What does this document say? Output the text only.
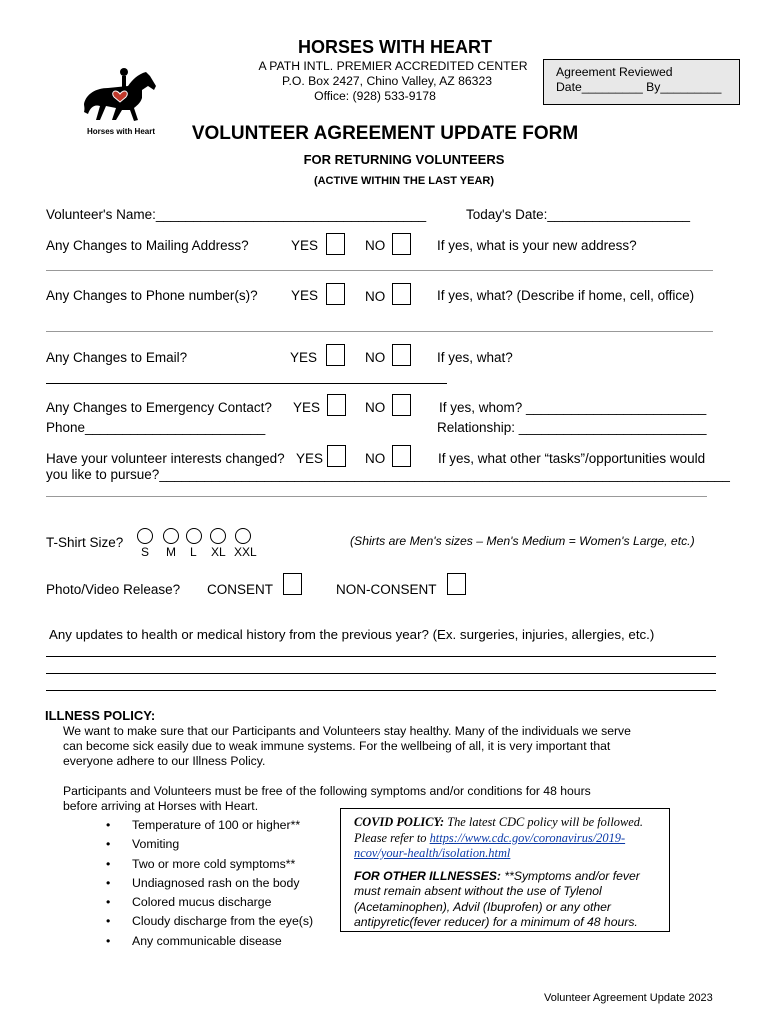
Horses with Heart
HORSES WITH HEART
A PATH INTL. PREMIER ACCREDITED CENTER
P.O. Box 2427, Chino Valley, AZ 86323
Office: (928) 533-9178
Agreement Reviewed
Date_________ By_________
VOLUNTEER AGREEMENT UPDATE FORM
FOR RETURNING VOLUNTEERS
(ACTIVE WITHIN THE LAST YEAR)
Volunteer's Name:____________________________________	Today's Date:___________________
Any Changes to Mailing Address?	YES	NO	If yes, what is your new address?
Any Changes to Phone number(s)? YES	NO	If yes, what? (Describe if home, cell, office)
Any Changes to Email?	YES	NO	If yes, what?
Any Changes to Emergency Contact? YES	NO	If yes, whom? ________________________
Phone________________________	Relationship: _________________________
Have your volunteer interests changed? YES	NO	If yes, what other “tasks”/opportunities would
you like to pursue?____________________________________________________________________________
T-Shirt Size?
S M L XL XXL
(Shirts are Men's sizes – Men's Medium = Women's Large, etc.)
Photo/Video Release? CONSENT	NON-CONSENT
Any updates to health or medical history from the previous year? (Ex. surgeries, injuries, allergies, etc.)
ILLNESS POLICY:
We want to make sure that our Participants and Volunteers stay healthy. Many of the individuals we serve
can become sick easily due to weak immune systems. For the wellbeing of all, it is very important that
everyone adhere to our Illness Policy.
Participants and Volunteers must be free of the following symptoms and/or conditions for 48 hours
before arriving at Horses with Heart.
• Temperature of 100 or higher**
• Vomiting
• Two or more cold symptoms**
• Undiagnosed rash on the body
• Colored mucus discharge
• Cloudy discharge from the eye(s)
• Any communicable disease
COVID POLICY: The latest CDC policy will be followed.
Please refer to https://www.cdc.gov/coronavirus/2019-
ncov/your-health/isolation.html
FOR OTHER ILLNESSES: **Symptoms and/or fever
must remain absent without the use of Tylenol
(Acetaminophen), Advil (Ibuprofen) or any other
antipyretic(fever reducer) for a minimum of 48 hours.
Volunteer Agreement Update 2023
